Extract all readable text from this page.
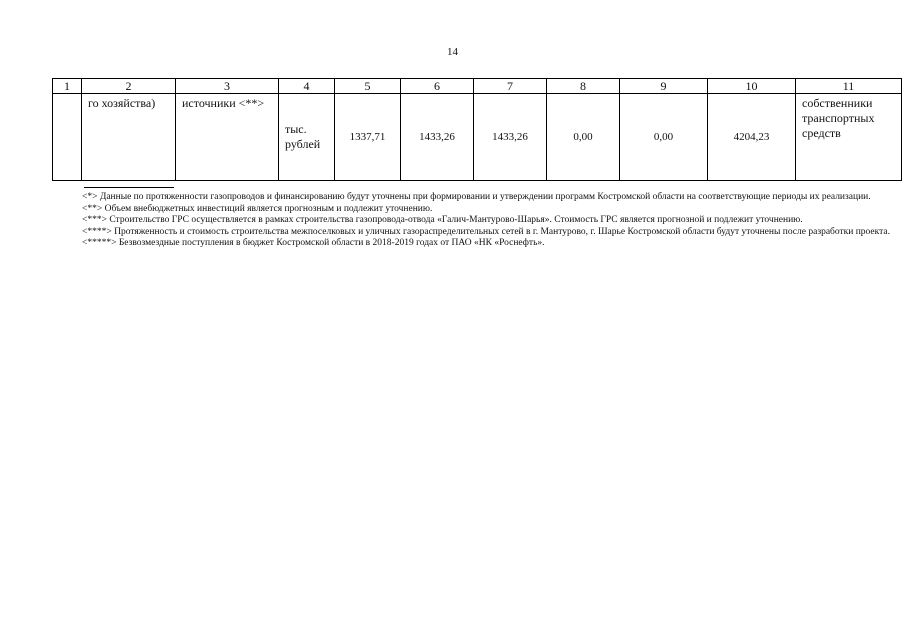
14
1	2	3	4	5	6	7	8	9	10	11
	го хозяйства)	источники <**>	тыс. рублей	1337,71	1433,26	1433,26	0,00	0,00	4204,23	собственники транспортных средств

<*> Данные по протяженности газопроводов и финансированию будут уточнены при формировании и утверждении программ Костромской области на соответствующие периоды их реализации.

<**> Объем внебюджетных инвестиций является прогнозным и подлежит уточнению.

<***> Строительство ГРС осуществляется в рамках строительства газопровода-отвода «Галич-Мантурово-Шарья». Стоимость ГРС является прогнозной и подлежит уточнению.

<****> Протяженность и стоимость строительства межпоселковых и уличных газораспределительных сетей в г. Мантурово, г. Шарье Костромской области будут уточнены после разработки проекта.

<*****> Безвозмездные поступления в бюджет Костромской области в 2018-2019 годах от ПАО «НК «Роснефть».
